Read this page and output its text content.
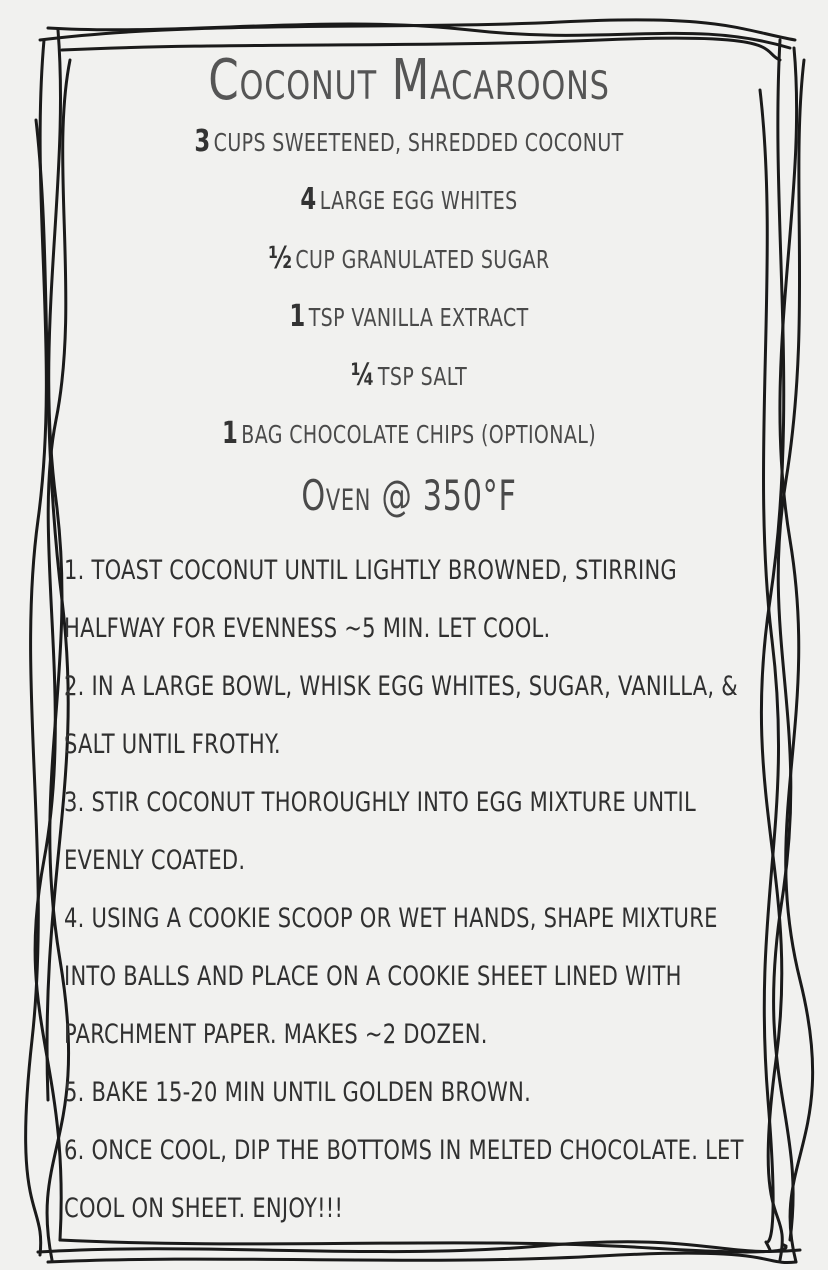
Coconut Macaroons
3 CUPS SWEETENED, SHREDDED COCONUT
4 LARGE EGG WHITES
½ CUP GRANULATED SUGAR
1 TSP VANILLA EXTRACT
¼ TSP SALT
1 BAG CHOCOLATE CHIPS (OPTIONAL)
Oven @ 350°F
1. TOAST COCONUT UNTIL LIGHTLY BROWNED, STIRRING HALFWAY FOR EVENNESS ~5 MIN. LET COOL.
2. IN A LARGE BOWL, WHISK EGG WHITES, SUGAR, VANILLA, & SALT UNTIL FROTHY.
3. STIR COCONUT THOROUGHLY INTO EGG MIXTURE UNTIL EVENLY COATED.
4. USING A COOKIE SCOOP OR WET HANDS, SHAPE MIXTURE INTO BALLS AND PLACE ON A COOKIE SHEET LINED WITH PARCHMENT PAPER. MAKES ~2 DOZEN.
5. BAKE 15-20 MIN UNTIL GOLDEN BROWN.
6. ONCE COOL, DIP THE BOTTOMS IN MELTED CHOCOLATE. LET COOL ON SHEET. ENJOY!!!
